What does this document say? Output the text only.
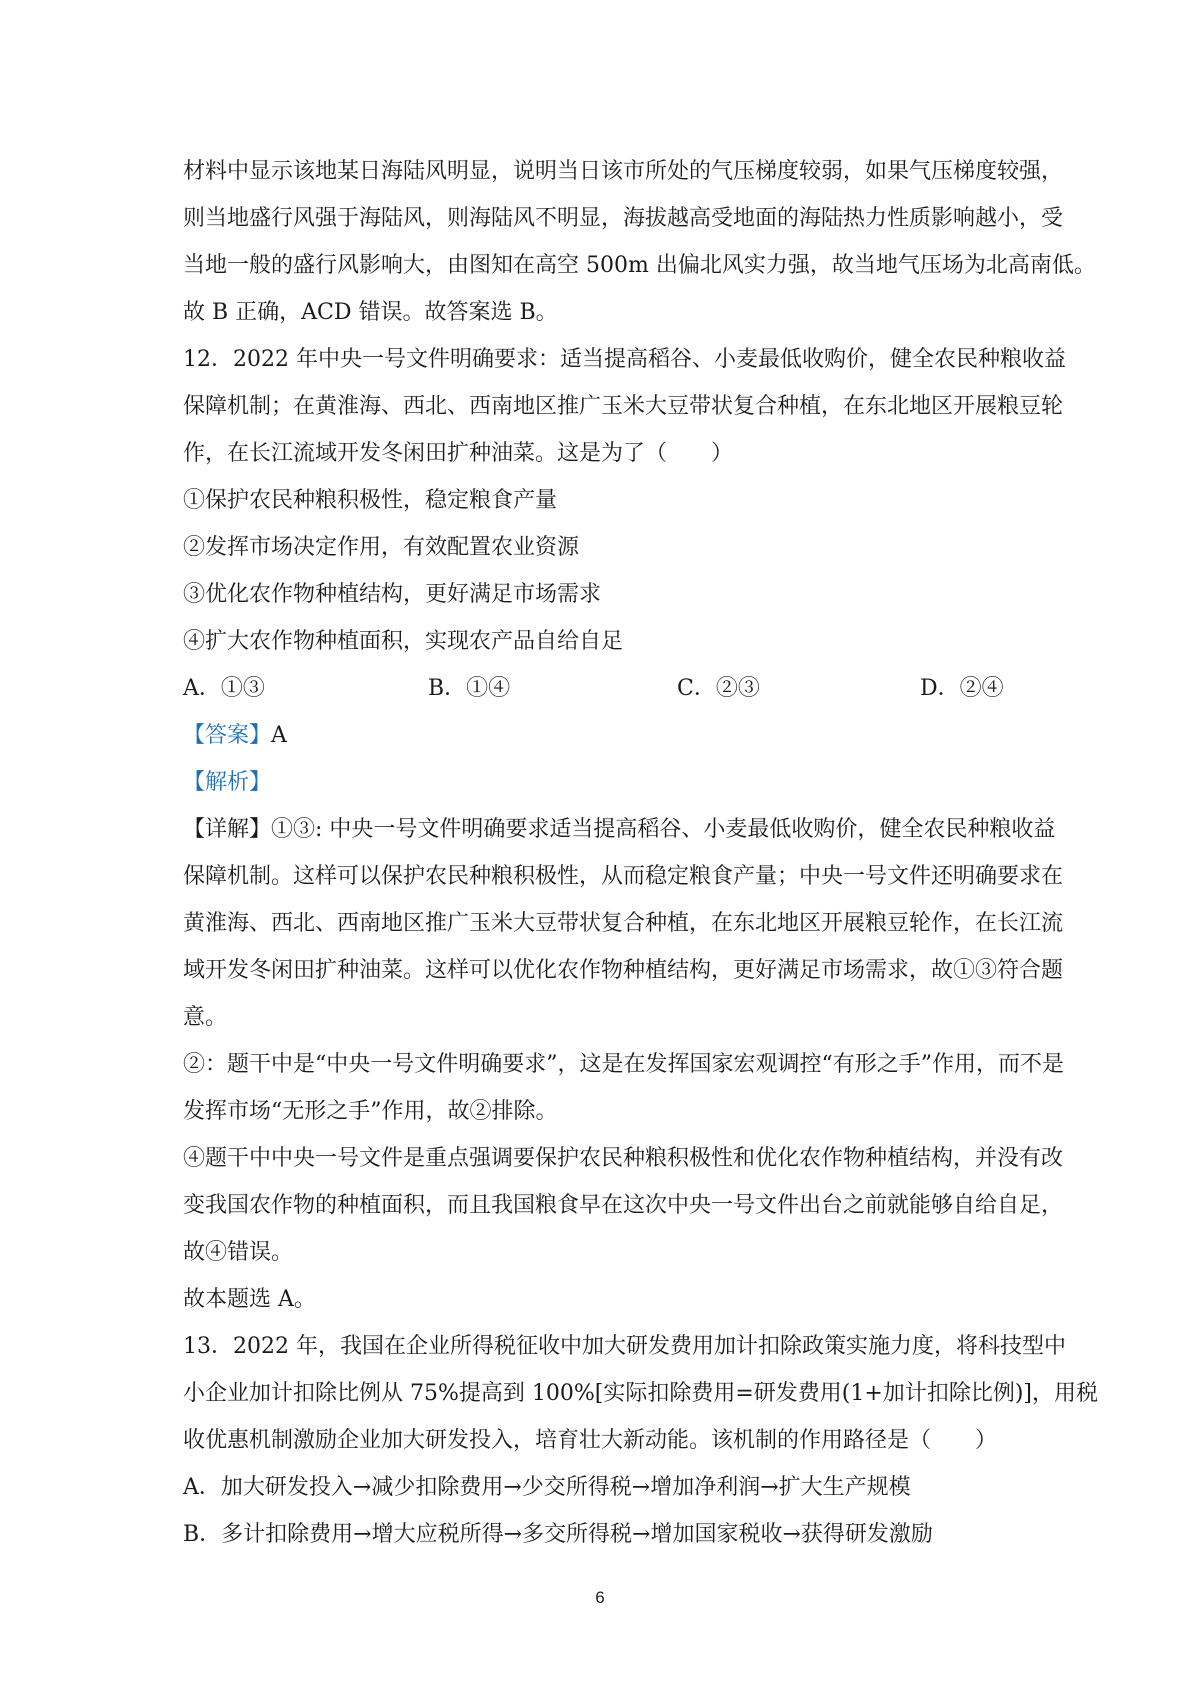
材料中显示该地某日海陆风明显，说明当日该市所处的气压梯度较弱，如果气压梯度较强，
则当地盛行风强于海陆风，则海陆风不明显，海拔越高受地面的海陆热力性质影响越小，受
当地一般的盛行风影响大，由图知在高空 500m 出偏北风实力强，故当地气压场为北高南低。
故 B 正确，ACD 错误。故答案选 B。
12．2022 年中央一号文件明确要求：适当提高稻谷、小麦最低收购价，健全农民种粮收益
保障机制；在黄淮海、西北、西南地区推广玉米大豆带状复合种植，在东北地区开展粮豆轮
作，在长江流域开发冬闲田扩种油菜。这是为了（　　）
①保护农民种粮积极性，稳定粮食产量
②发挥市场决定作用，有效配置农业资源
③优化农作物种植结构，更好满足市场需求
④扩大农作物种植面积，实现农产品自给自足
A．①③	B．①④	C．②③	D．②④
【答案】A
【解析】
【详解】①③: 中央一号文件明确要求适当提高稻谷、小麦最低收购价，健全农民种粮收益
保障机制。这样可以保护农民种粮积极性，从而稳定粮食产量；中央一号文件还明确要求在
黄淮海、西北、西南地区推广玉米大豆带状复合种植，在东北地区开展粮豆轮作，在长江流
域开发冬闲田扩种油菜。这样可以优化农作物种植结构，更好满足市场需求，故①③符合题
意。
②：题干中是“中央一号文件明确要求”，这是在发挥国家宏观调控“有形之手”作用，而不是
发挥市场“无形之手”作用，故②排除。
④题干中中央一号文件是重点强调要保护农民种粮积极性和优化农作物种植结构，并没有改
变我国农作物的种植面积，而且我国粮食早在这次中央一号文件出台之前就能够自给自足，
故④错误。
故本题选 A。
13．2022 年，我国在企业所得税征收中加大研发费用加计扣除政策实施力度，将科技型中
小企业加计扣除比例从 75%提高到 100%[实际扣除费用=研发费用(1+加计扣除比例)]，用税
收优惠机制激励企业加大研发投入，培育壮大新动能。该机制的作用路径是（　　）
A．加大研发投入→减少扣除费用→少交所得税→增加净利润→扩大生产规模
B．多计扣除费用→增大应税所得→多交所得税→增加国家税收→获得研发激励
6
